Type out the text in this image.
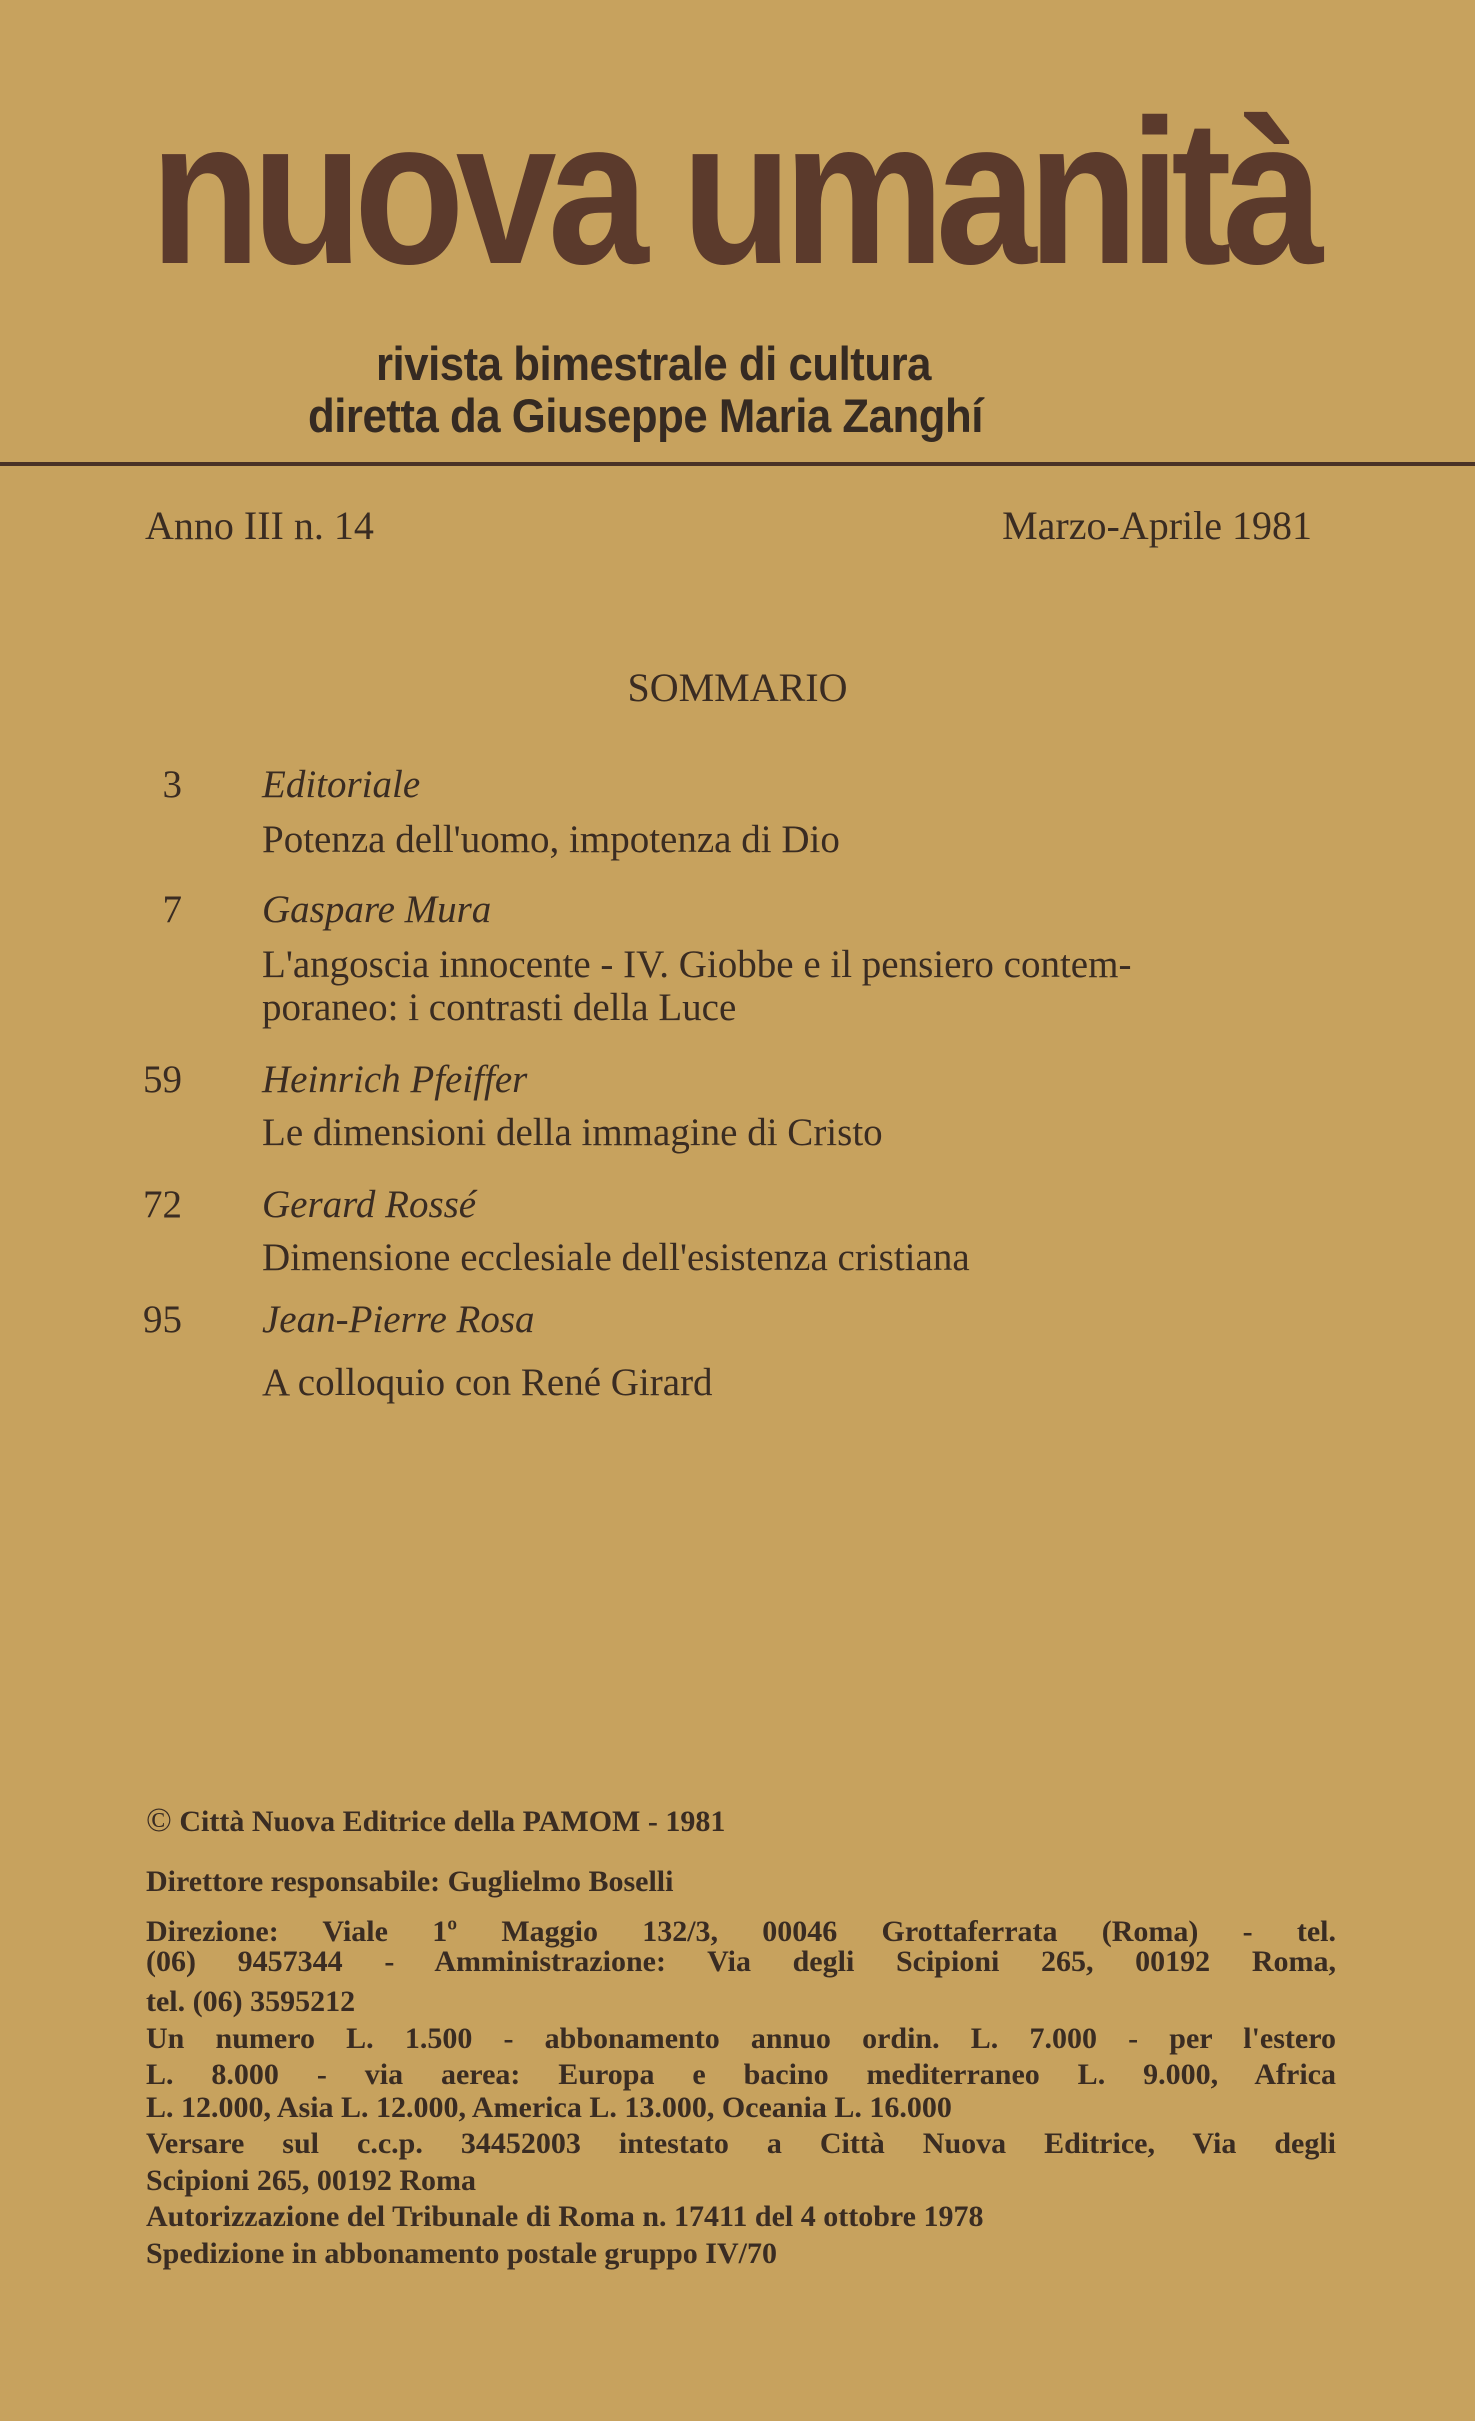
nuova umanità
rivista bimestrale di cultura
diretta da Giuseppe Maria Zanghí
Anno III n. 14	Marzo-Aprile 1981
SOMMARIO
3 Editoriale
Potenza dell'uomo, impotenza di Dio
7 Gaspare Mura
L'angoscia innocente - IV. Giobbe e il pensiero contem-
poraneo: i contrasti della Luce
59 Heinrich Pfeiffer
Le dimensioni della immagine di Cristo
72 Gerard Rossé
Dimensione ecclesiale dell'esistenza cristiana
95 Jean-Pierre Rosa
A colloquio con René Girard
© Città Nuova Editrice della PAMOM - 1981
Direttore responsabile: Guglielmo Boselli
Direzione: Viale 1º Maggio 132/3, 00046 Grottaferrata (Roma) - tel.
(06) 9457344 - Amministrazione: Via degli Scipioni 265, 00192 Roma,
tel. (06) 3595212
Un numero L. 1.500 - abbonamento annuo ordin. L. 7.000 - per l'estero
L. 8.000 - via aerea: Europa e bacino mediterraneo L. 9.000, Africa
L. 12.000, Asia L. 12.000, America L. 13.000, Oceania L. 16.000
Versare sul c.c.p. 34452003 intestato a Città Nuova Editrice, Via degli
Scipioni 265, 00192 Roma
Autorizzazione del Tribunale di Roma n. 17411 del 4 ottobre 1978
Spedizione in abbonamento postale gruppo IV/70
